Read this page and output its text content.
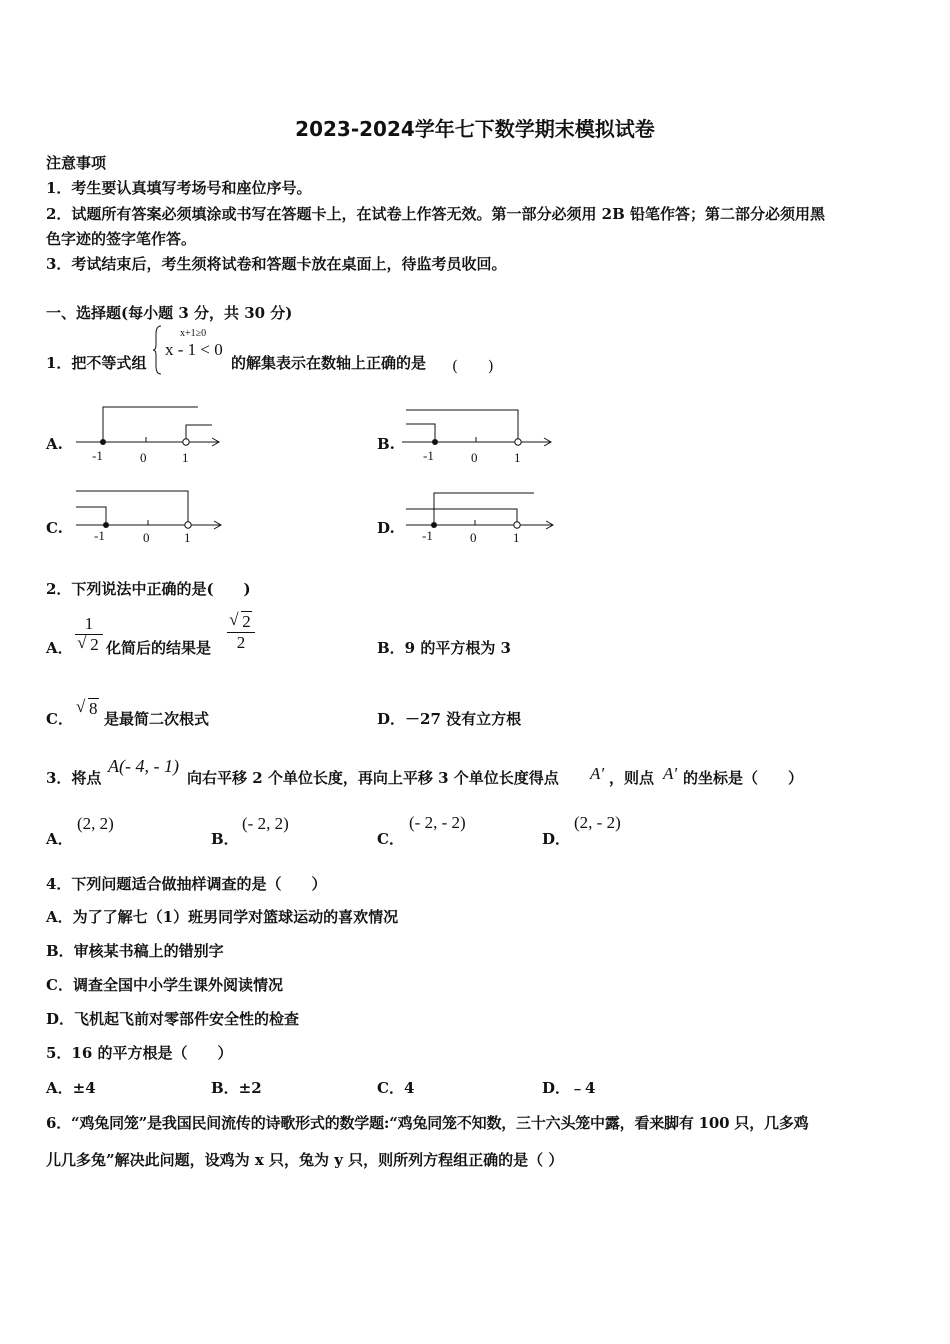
2023-2024学年七下数学期末模拟试卷
注意事项
1．考生要认真填写考场号和座位序号。
2．试题所有答案必须填涂或书写在答题卡上，在试卷上作答无效。第一部分必须用 2B 铅笔作答；第二部分必须用黑
色字迹的签字笔作答。
3．考试结束后，考生须将试卷和答题卡放在桌面上，待监考员收回。
一、选择题(每小题 3 分，共 30 分)
1．把不等式组
x+1≥0
x - 1 < 0
的解集表示在数轴上正确的是 (　　)
A.
-1	0	1
B.
-1	0	1
C. -1	0	1
D. -1	0	1
2．下列说法中正确的是(　　)
A． 1
√ 2 化简后的结果是
√ $\frac{2}{2}$	B．9 的平方根为 3
C．
√ 8
是最简二次根式	D．－27 没有立方根
3．将点
A(- 4, - 1)
向右平移 2 个单位长度，再向上平移 3 个单位长度得点 A' ，则点 A' 的坐标是（　　）
A．
(2, 2)
B．
(- 2, 2)
C．
(- 2, - 2)
D．
(2, - 2)
4．下列问题适合做抽样调查的是（　　）
A．为了了解七（1）班男同学对篮球运动的喜欢情况
B．审核某书稿上的错别字
C．调查全国中小学生课外阅读情况
D．飞机起飞前对零部件安全性的检查
5．16 的平方根是（　　）
A．±4	B．±2	C．4	D．﹣4
6．“鸡兔同笼”是我国民间流传的诗歌形式的数学题:“鸡兔同笼不知数，三十六头笼中露，看来脚有 100 只，几多鸡
儿几多兔”解决此问题，设鸡为 x 只，兔为 y 只，则所列方程组正确的是（ ）
